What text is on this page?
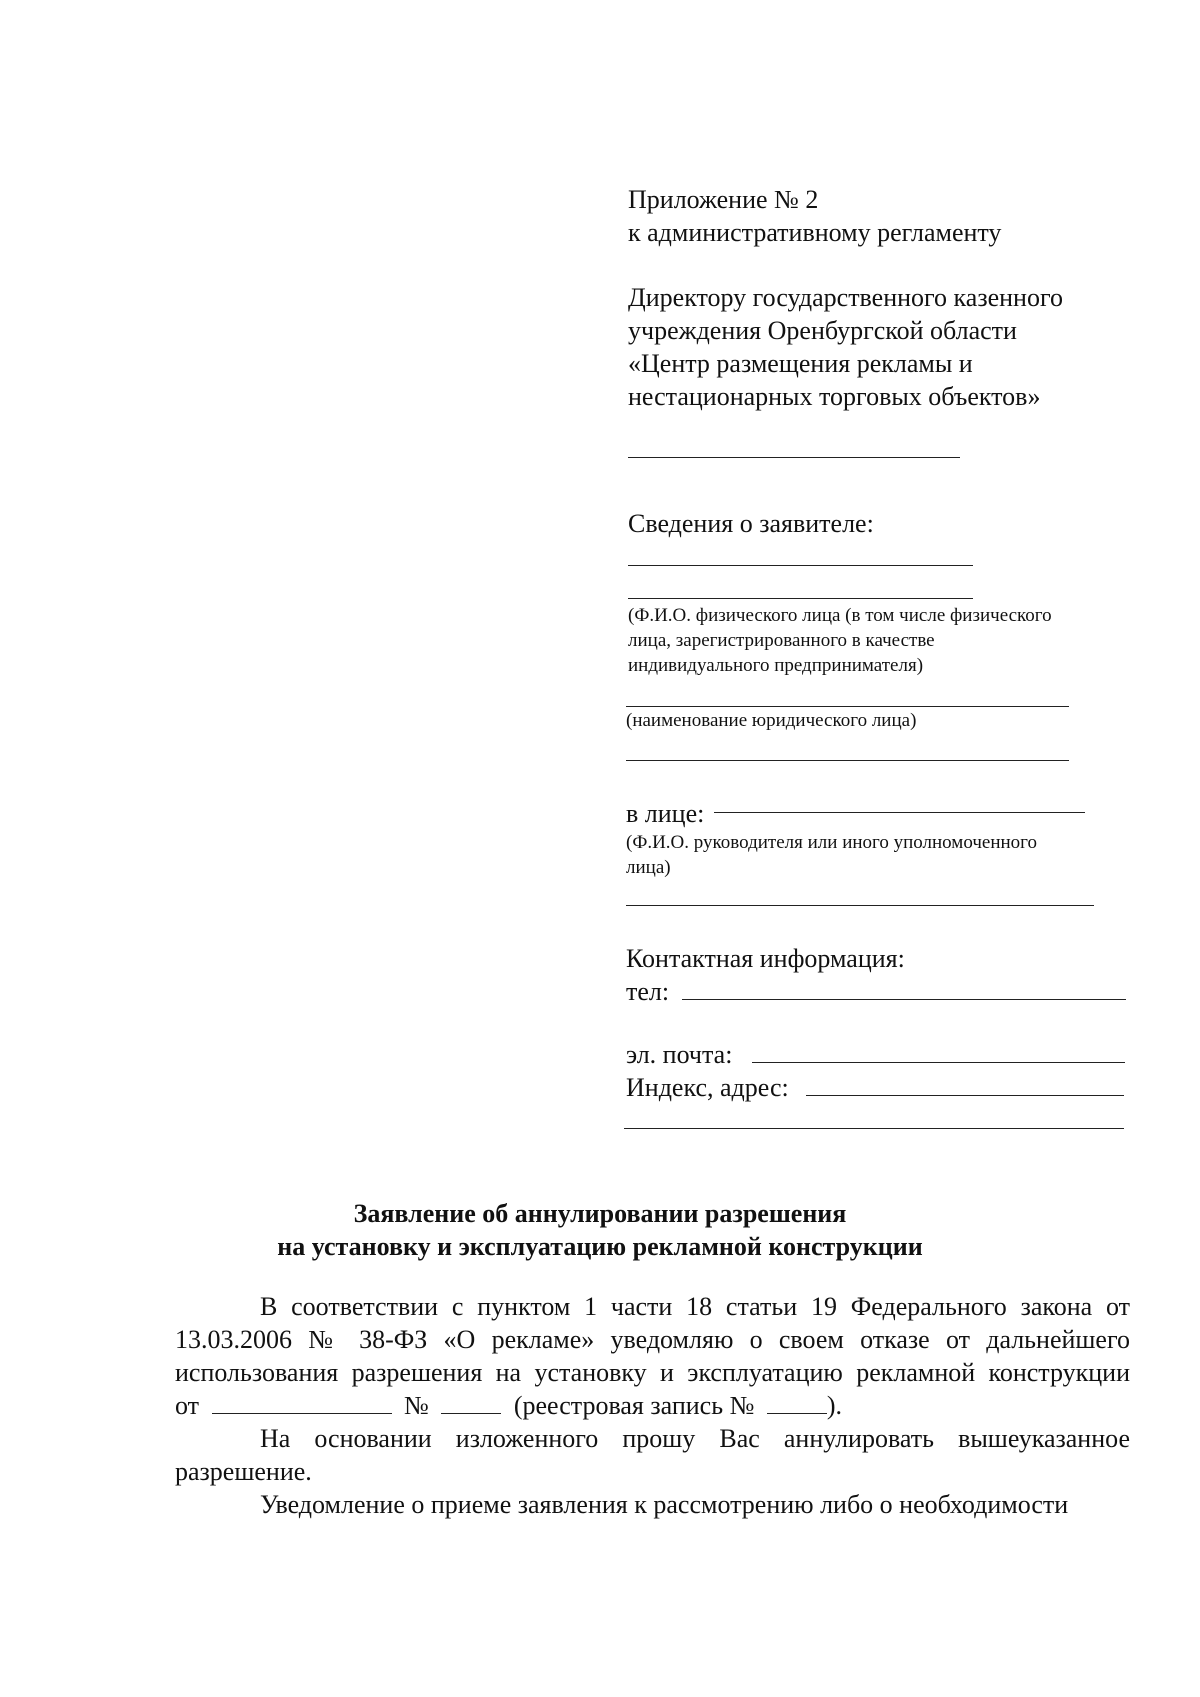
Приложение № 2
к административному регламенту
Директору государственного казенного
учреждения Оренбургской области
«Центр размещения рекламы и
нестационарных торговых объектов»
Сведения о заявителе:
(Ф.И.О. физического лица (в том числе физического
лица, зарегистрированного в качестве
индивидуального предпринимателя)
(наименование юридического лица)
в лице:
(Ф.И.О. руководителя или иного уполномоченного
лица)
Контактная информация:
тел:
эл. почта:
Индекс, адрес:
Заявление об аннулировании разрешения
на установку и эксплуатацию рекламной конструкции
В соответствии с пунктом 1 части 18 статьи 19 Федерального закона от
13.03.2006 № 38-ФЗ «О рекламе» уведомляю о своем отказе от дальнейшего
использования разрешения на установку и эксплуатацию рекламной конструкции
от	№	(реестровая запись №	).
На основании изложенного прошу Вас аннулировать вышеуказанное
разрешение.
Уведомление о приеме заявления к рассмотрению либо о необходимости
